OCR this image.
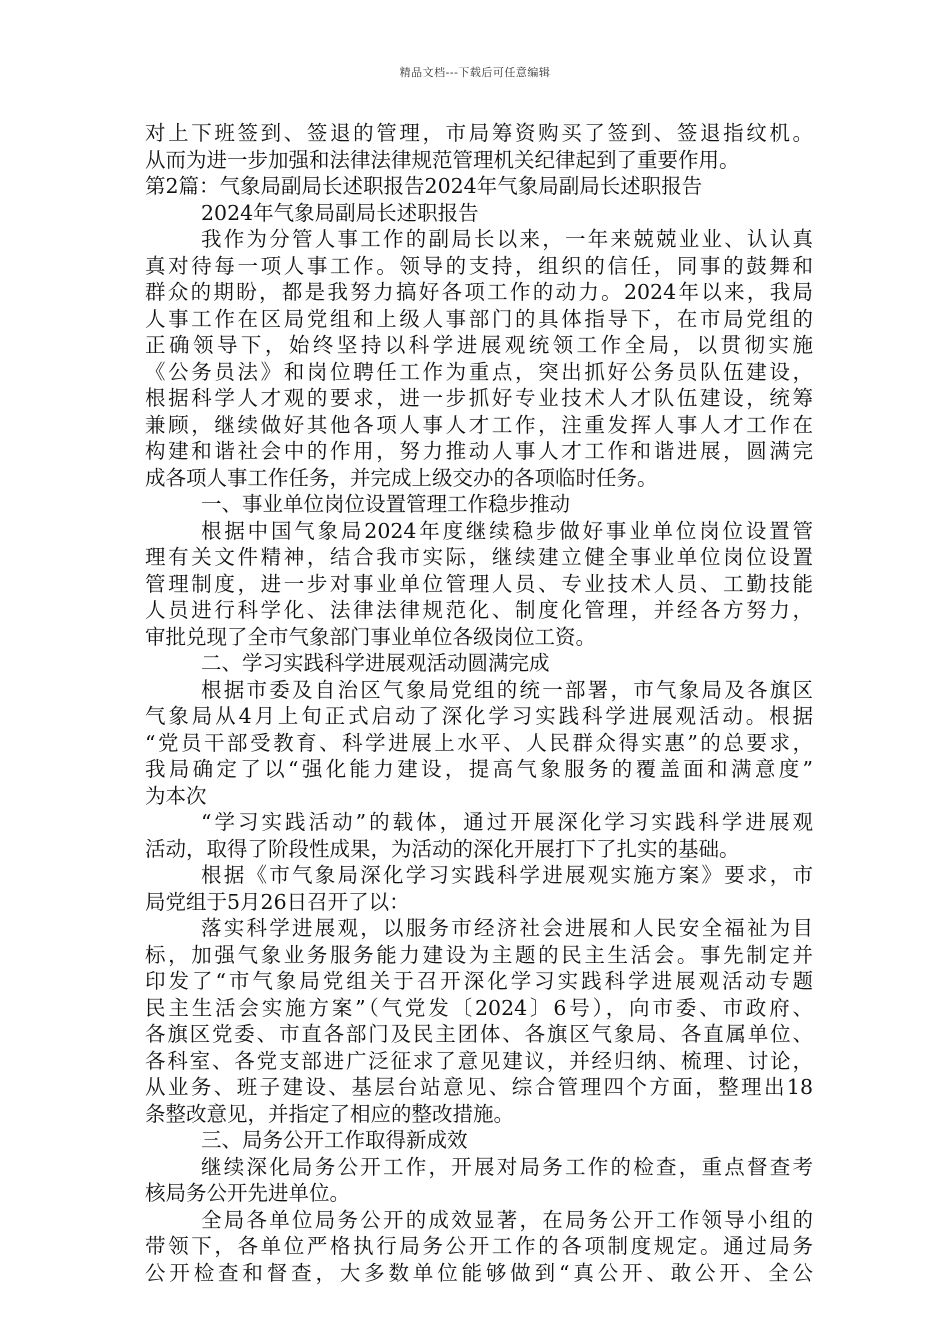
精品文档---下载后可任意编辑
对上下班签到、签退的管理，市局筹资购买了签到、签退指纹机。
从而为进一步加强和法律法律规范管理机关纪律起到了重要作用。
第2篇：气象局副局长述职报告2024年气象局副局长述职报告
2024年气象局副局长述职报告
我作为分管人事工作的副局长以来，一年来兢兢业业、认认真
真对待每一项人事工作。领导的支持，组织的信任，同事的鼓舞和
群众的期盼，都是我努力搞好各项工作的动力。2024年以来，我局
人事工作在区局党组和上级人事部门的具体指导下，在市局党组的
正确领导下，始终坚持以科学进展观统领工作全局，以贯彻实施
《公务员法》和岗位聘任工作为重点，突出抓好公务员队伍建设，
根据科学人才观的要求，进一步抓好专业技术人才队伍建设，统筹
兼顾，继续做好其他各项人事人才工作，注重发挥人事人才工作在
构建和谐社会中的作用，努力推动人事人才工作和谐进展，圆满完
成各项人事工作任务，并完成上级交办的各项临时任务。
一、事业单位岗位设置管理工作稳步推动
根据中国气象局2024年度继续稳步做好事业单位岗位设置管
理有关文件精神，结合我市实际，继续建立健全事业单位岗位设置
管理制度，进一步对事业单位管理人员、专业技术人员、工勤技能
人员进行科学化、法律法律规范化、制度化管理，并经各方努力，
审批兑现了全市气象部门事业单位各级岗位工资。
二、学习实践科学进展观活动圆满完成
根据市委及自治区气象局党组的统一部署，市气象局及各旗区
气象局从4月上旬正式启动了深化学习实践科学进展观活动。根据
“党员干部受教育、科学进展上水平、人民群众得实惠”的总要求，
我局确定了以“强化能力建设，提高气象服务的覆盖面和满意度”
为本次
“学习实践活动”的载体，通过开展深化学习实践科学进展观
活动，取得了阶段性成果，为活动的深化开展打下了扎实的基础。
根据《市气象局深化学习实践科学进展观实施方案》要求，市
局党组于5月26日召开了以：
落实科学进展观，以服务市经济社会进展和人民安全福祉为目
标，加强气象业务服务能力建设为主题的民主生活会。事先制定并
印发了“市气象局党组关于召开深化学习实践科学进展观活动专题
民主生活会实施方案”（气党发〔2024〕6号），向市委、市政府、
各旗区党委、市直各部门及民主团体、各旗区气象局、各直属单位、
各科室、各党支部进广泛征求了意见建议，并经归纳、梳理、讨论，
从业务、班子建设、基层台站意见、综合管理四个方面，整理出18
条整改意见，并指定了相应的整改措施。
三、局务公开工作取得新成效
继续深化局务公开工作，开展对局务工作的检查，重点督查考
核局务公开先进单位。
全局各单位局务公开的成效显著，在局务公开工作领导小组的
带领下，各单位严格执行局务公开工作的各项制度规定。通过局务
公开检查和督查，大多数单位能够做到“真公开、敢公开、全公
